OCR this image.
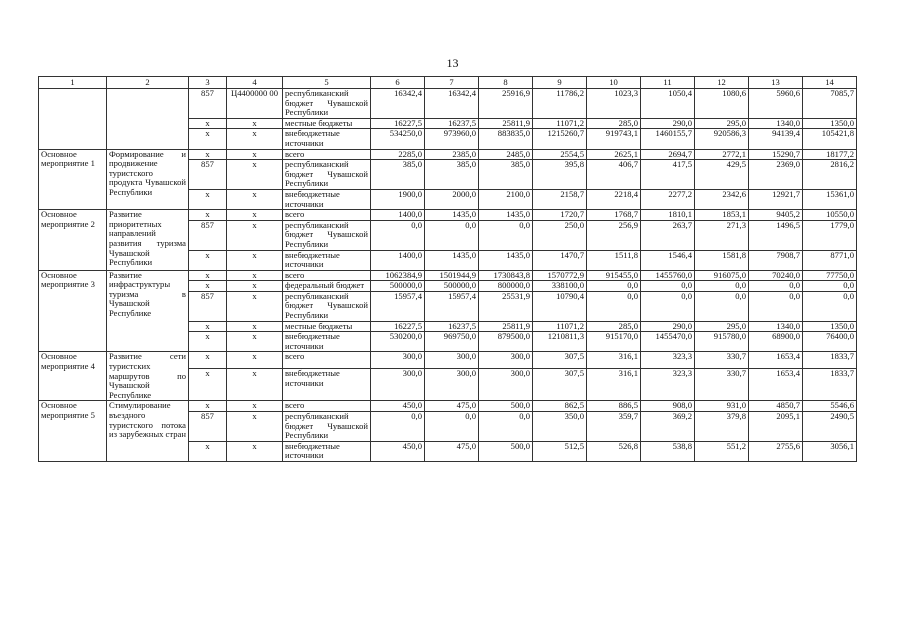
13
1	2	3	4	5	6	7	8	9	10	11	12	13	14
		857	Ц4400000 00	республиканский бюджет Чувашской Республики	16342,4	16342,4	25916,9	11786,2	1023,3	1050,4	1080,6	5960,6	7085,7
		x	x	местные бюджеты	16227,5	16237,5	25811,9	11071,2	285,0	290,0	295,0	1340,0	1350,0
		x	x	внебюджетные источники	534250,0	973960,0	883835,0	1215260,7	919743,1	1460155,7	920586,3	94139,4	105421,8
Основное мероприятие 1	Формирование и продвижение туристского продукта Чувашской Республики	x	x	всего	2285,0	2385,0	2485,0	2554,5	2625,1	2694,7	2772,1	15290,7	18177,2
		857	x	республиканский бюджет Чувашской Республики	385,0	385,0	385,0	395,8	406,7	417,5	429,5	2369,0	2816,2
		x	x	внебюджетные источники	1900,0	2000,0	2100,0	2158,7	2218,4	2277,2	2342,6	12921,7	15361,0
Основное мероприятие 2	Развитие приоритетных направлений развития туризма Чувашской Республики	x	x	всего	1400,0	1435,0	1435,0	1720,7	1768,7	1810,1	1853,1	9405,2	10550,0
		857	x	республиканский бюджет Чувашской Республики	0,0	0,0	0,0	250,0	256,9	263,7	271,3	1496,5	1779,0
		x	x	внебюджетные источники	1400,0	1435,0	1435,0	1470,7	1511,8	1546,4	1581,8	7908,7	8771,0
Основное мероприятие 3	Развитие инфраструктуры туризма в Чувашской Республике	x	x	всего	1062384,9	1501944,9	1730843,8	1570772,9	915455,0	1455760,0	916075,0	70240,0	77750,0
		x	x	федеральный бюджет	500000,0	500000,0	800000,0	338100,0	0,0	0,0	0,0	0,0	0,0
		857	x	республиканский бюджет Чувашской Республики	15957,4	15957,4	25531,9	10790,4	0,0	0,0	0,0	0,0	0,0
		x	x	местные бюджеты	16227,5	16237,5	25811,9	11071,2	285,0	290,0	295,0	1340,0	1350,0
		x	x	внебюджетные источники	530200,0	969750,0	879500,0	1210811,3	915170,0	1455470,0	915780,0	68900,0	76400,0
Основное мероприятие 4	Развитие сети туристских маршрутов по Чувашской Республике	x	x	всего	300,0	300,0	300,0	307,5	316,1	323,3	330,7	1653,4	1833,7
		x	x	внебюджетные источники	300,0	300,0	300,0	307,5	316,1	323,3	330,7	1653,4	1833,7
Основное мероприятие 5	Стимулирование въездного туристского потока из зарубежных стран	x	x	всего	450,0	475,0	500,0	862,5	886,5	908,0	931,0	4850,7	5546,6
		857	x	республиканский бюджет Чувашской Республики	0,0	0,0	0,0	350,0	359,7	369,2	379,8	2095,1	2490,5
		x	x	внебюджетные источники	450,0	475,0	500,0	512,5	526,8	538,8	551,2	2755,6	3056,1
